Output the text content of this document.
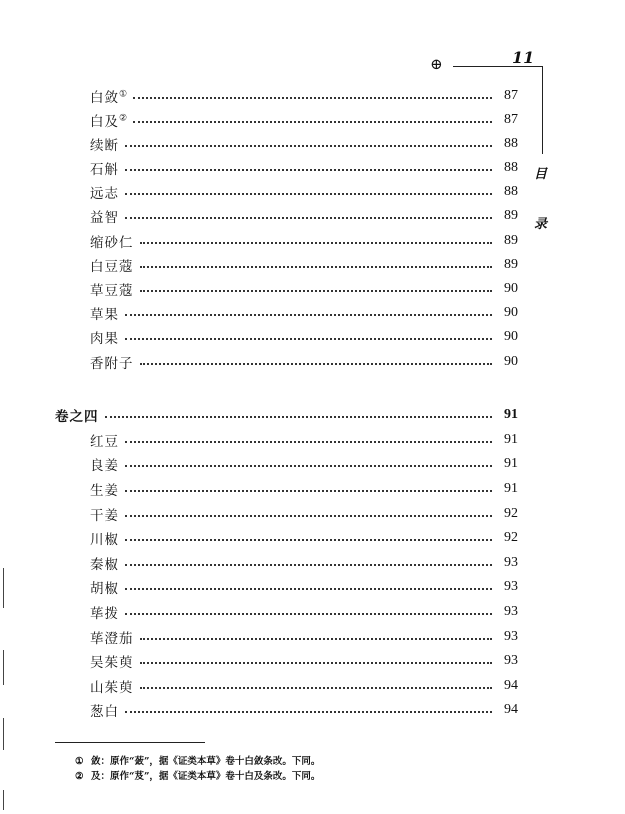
⊕	11
目
录
白敛①	87
白及②	87
续断	88
石斛	88
远志	88
益智	89
缩砂仁	89
白豆蔻	89
草豆蔻	90
草果	90
肉果	90
香附子	90
卷之四	91
红豆	91
良姜	91
生姜	91
干姜	92
川椒	92
秦椒	93
胡椒	93
荜拨	93
荜澄茄	93
吴茱萸	93
山茱萸	94
葱白	94
① 敛：原作“蔹”，据《证类本草》卷十白敛条改。下同。
② 及：原作“芨”，据《证类本草》卷十白及条改。下同。
